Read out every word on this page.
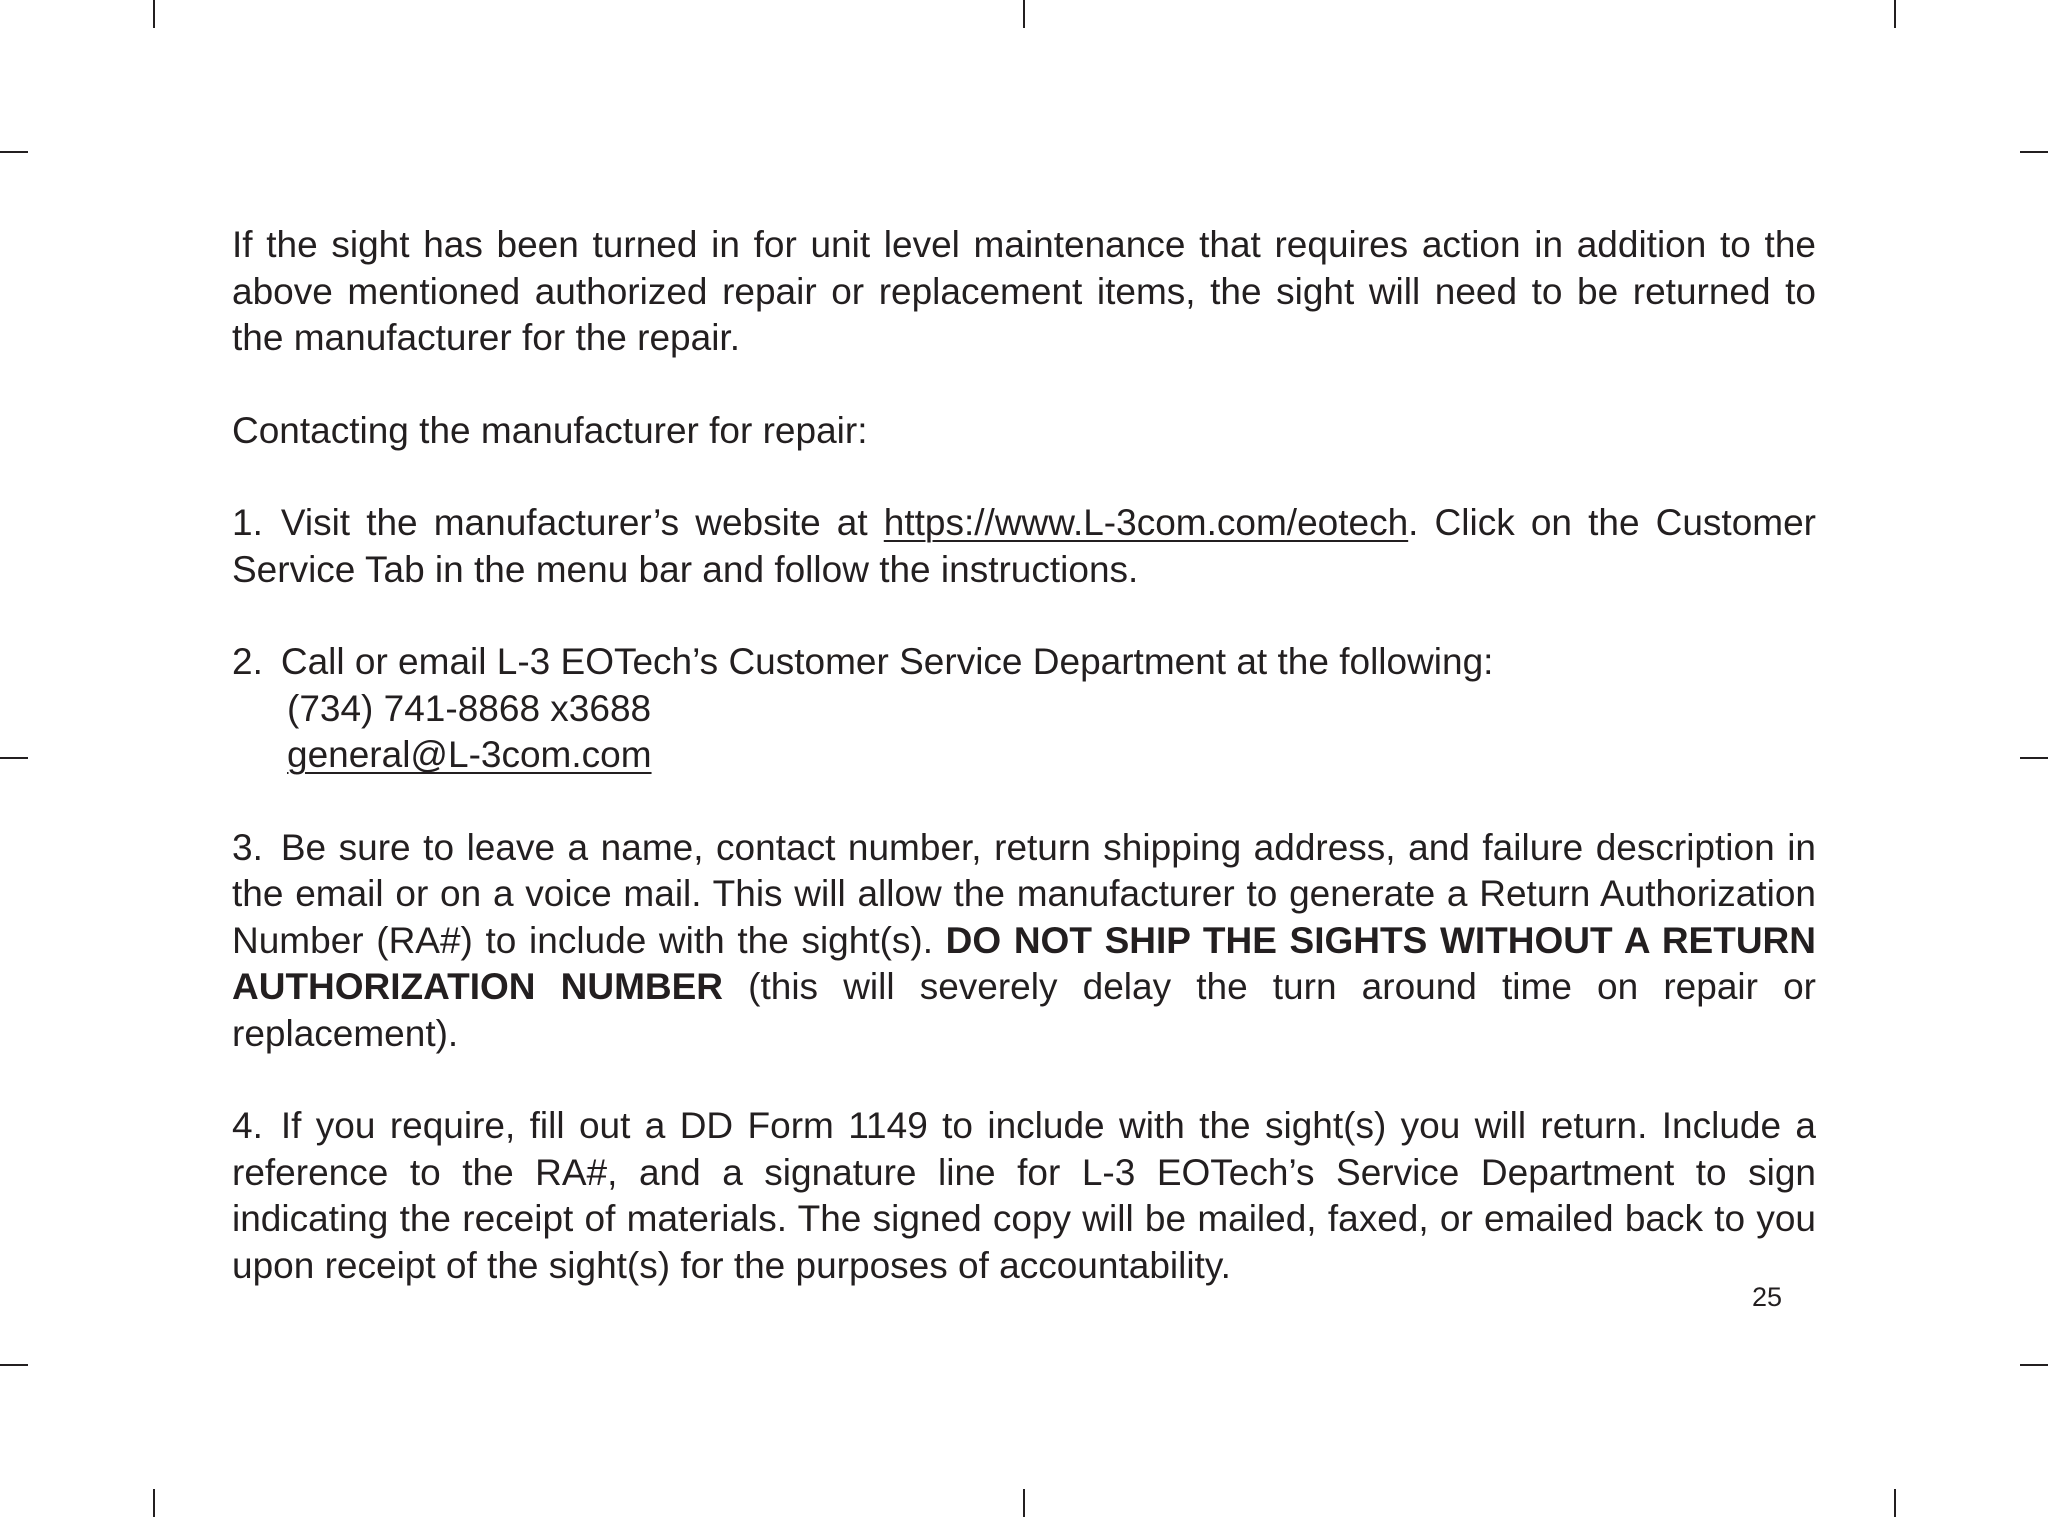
If the sight has been turned in for unit level maintenance that requires action in addition to the above mentioned authorized repair or replacement items, the sight will need to be returned to the manufacturer for the repair.

Contacting the manufacturer for repair:

1. Visit the manufacturer’s website at https://www.L-3com.com/eotech. Click on the Customer Service Tab in the menu bar and follow the instructions.

2. Call or email L-3 EOTech’s Customer Service Department at the following:
(734) 741-8868 x3688
general@L-3com.com

3. Be sure to leave a name, contact number, return shipping address, and failure description in the email or on a voice mail. This will allow the manufacturer to generate a Return Authorization Number (RA#) to include with the sight(s). DO NOT SHIP THE SIGHTS WITHOUT A RETURN AUTHORIZATION NUMBER (this will severely delay the turn around time on repair or replacement).

4. If you require, fill out a DD Form 1149 to include with the sight(s) you will return. Include a reference to the RA#, and a signature line for L-3 EOTech’s Service Department to sign indicating the receipt of materials. The signed copy will be mailed, faxed, or emailed back to you upon receipt of the sight(s) for the purposes of accountability.

25
